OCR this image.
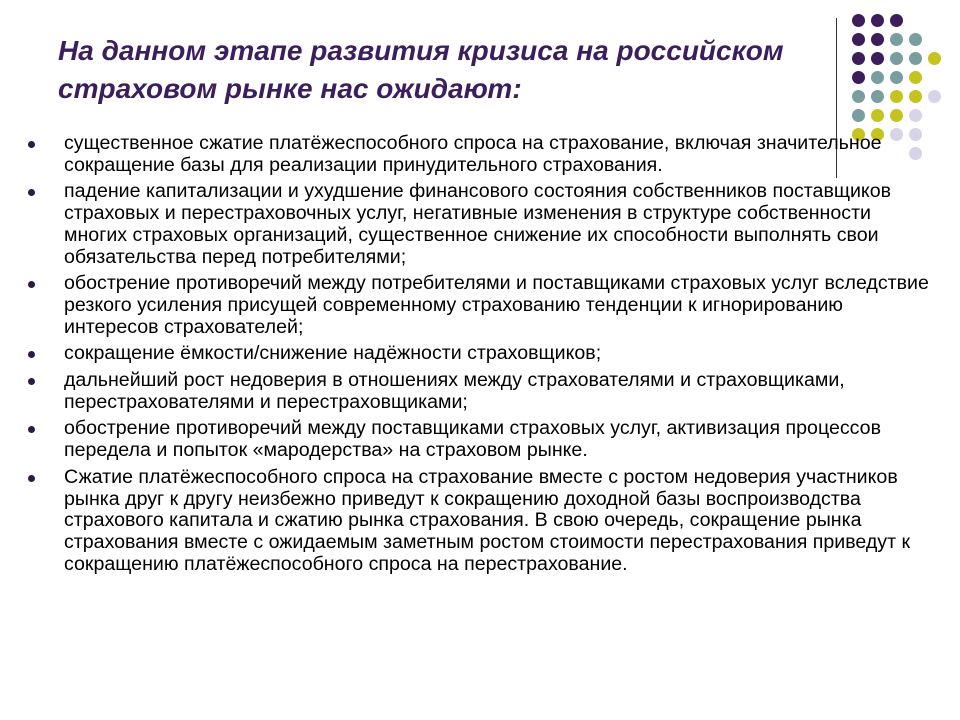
На данном этапе развития кризиса на российском страховом рынке нас ожидают:
существенное сжатие платёжеспособного спроса на страхование, включая значительное сокращение базы для реализации принудительного страхования.
падение капитализации и ухудшение финансового состояния собственников поставщиков страховых и перестраховочных услуг, негативные изменения в структуре собственности многих страховых организаций, существенное снижение их способности выполнять свои обязательства перед потребителями;
обострение противоречий между потребителями и поставщиками страховых услуг вследствие резкого усиления присущей современному страхованию тенденции к игнорированию интересов страхователей;
сокращение ёмкости/снижение надёжности страховщиков;
дальнейший рост недоверия в отношениях между страхователями и страховщиками, перестрахователями и перестраховщиками;
обострение противоречий между поставщиками страховых услуг, активизация процессов передела и попыток «мародерства» на страховом рынке.
Сжатие платёжеспособного спроса на страхование вместе с ростом недоверия участников рынка друг к другу неизбежно приведут к сокращению доходной базы воспроизводства страхового капитала и сжатию рынка страхования. В свою очередь, сокращение рынка страхования вместе с ожидаемым заметным ростом стоимости перестрахования приведут к сокращению платёжеспособного спроса на перестрахование.
